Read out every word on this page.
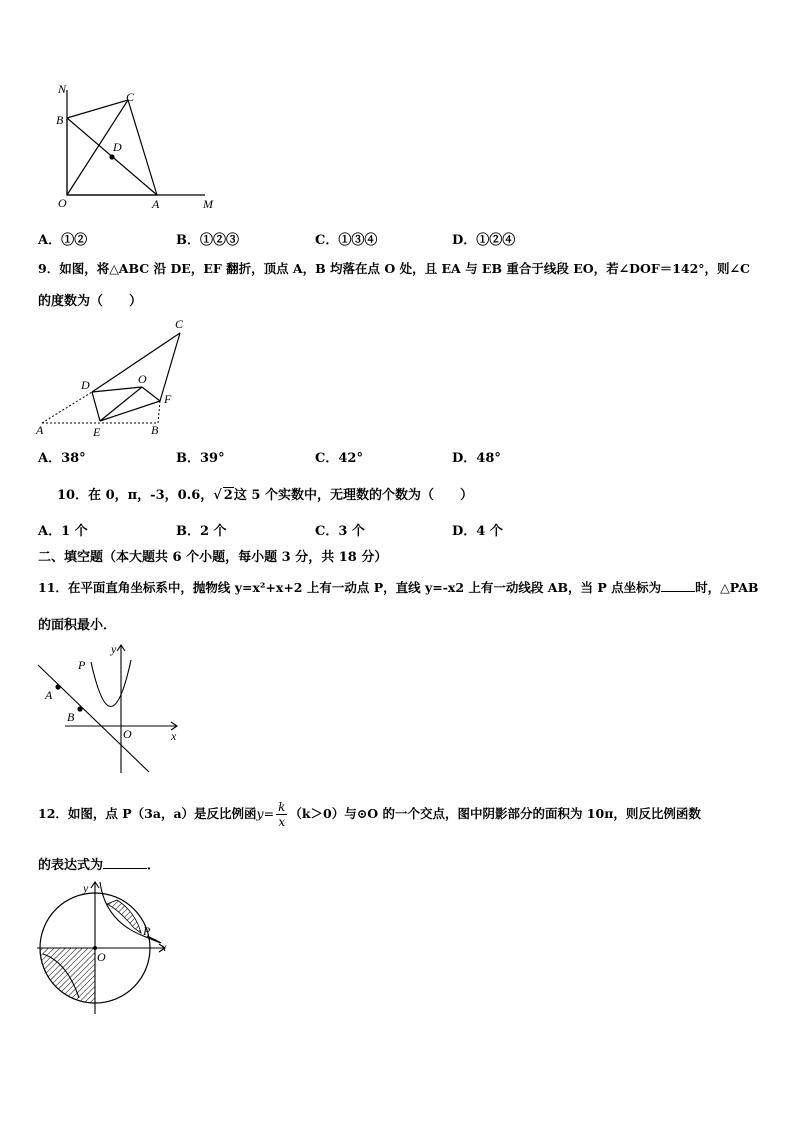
N
C
B
D
O	A	M
A．①②	B．①②③	C．①③④	D．①②④
9．如图，将△ABC 沿 DE，EF 翻折，顶点 A，B 均落在点 O 处，且 EA 与 EB 重合于线段 EO，若∠DOF＝142°，则∠C
的度数为（　　）
C
D	O
F
A	E	B
A．38°	B．39°	C．42°	D．48°
10．在 0，π，-3，0.6，√ 2这 5 个实数中，无理数的个数为（　　）
A．1 个	B．2 个	C．3 个	D．4 个
二、填空题（本大题共 6 个小题，每小题 3 分，共 18 分）
11．在平面直角坐标系中，抛物线 y=x²+x+2 上有一动点 P，直线 y=-x2 上有一动线段 AB，当 P 点坐标为	时，△PAB
的面积最小．
y
P
A
B
O	x
12．如图，点 P（3a，a）是反比例函$y= \frac{k}{x} (k>0)$与⊙O 的一个交点，图中阴影部分的面积为 10π，则反比例函数
的表达式为	．
y
P
x
O
